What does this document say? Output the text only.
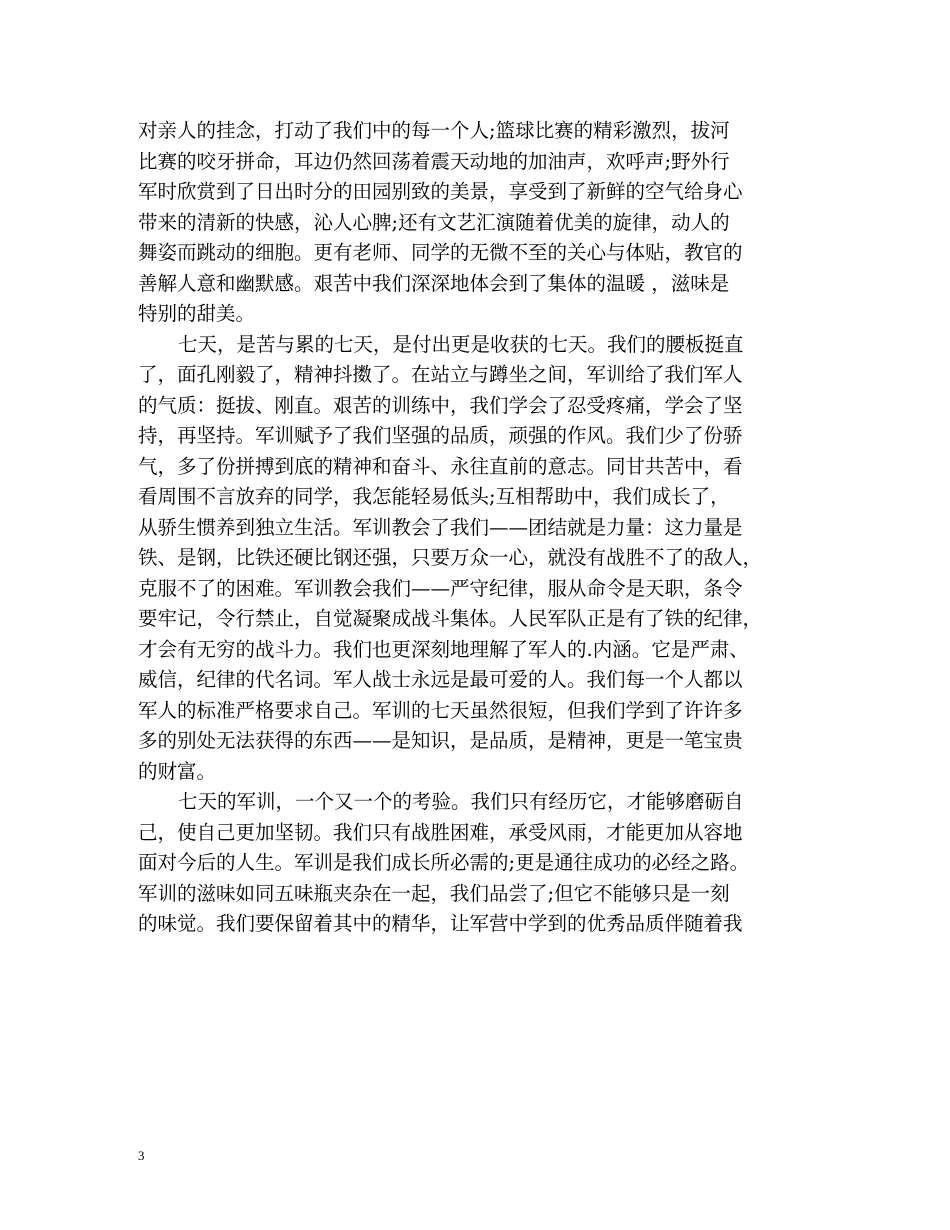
对亲人的挂念，打动了我们中的每一个人;篮球比赛的精彩激烈，拔河
比赛的咬牙拼命，耳边仍然回荡着震天动地的加油声，欢呼声;野外行
军时欣赏到了日出时分的田园别致的美景，享受到了新鲜的空气给身心
带来的清新的快感，沁人心脾;还有文艺汇演随着优美的旋律，动人的
舞姿而跳动的细胞。更有老师、同学的无微不至的关心与体贴，教官的
善解人意和幽默感。艰苦中我们深深地体会到了集体的温暖 ，滋味是
特别的甜美。
七天，是苦与累的七天，是付出更是收获的七天。我们的腰板挺直
了，面孔刚毅了，精神抖擞了。在站立与蹲坐之间，军训给了我们军人
的气质：挺拔、刚直。艰苦的训练中，我们学会了忍受疼痛，学会了坚
持，再坚持。军训赋予了我们坚强的品质，顽强的作风。我们少了份骄
气，多了份拼搏到底的精神和奋斗、永往直前的意志。同甘共苦中，看
看周围不言放弃的同学，我怎能轻易低头;互相帮助中，我们成长了，
从骄生惯养到独立生活。军训教会了我们——团结就是力量：这力量是
铁、是钢，比铁还硬比钢还强，只要万众一心，就没有战胜不了的敌人，
克服不了的困难。军训教会我们——严守纪律，服从命令是天职，条令
要牢记，令行禁止，自觉凝聚成战斗集体。人民军队正是有了铁的纪律，
才会有无穷的战斗力。我们也更深刻地理解了军人的.内涵。它是严肃、
威信，纪律的代名词。军人战士永远是最可爱的人。我们每一个人都以
军人的标准严格要求自己。军训的七天虽然很短，但我们学到了许许多
多的别处无法获得的东西——是知识，是品质，是精神，更是一笔宝贵
的财富。
七天的军训，一个又一个的考验。我们只有经历它，才能够磨砺自
己，使自己更加坚韧。我们只有战胜困难，承受风雨，才能更加从容地
面对今后的人生。军训是我们成长所必需的;更是通往成功的必经之路。
军训的滋味如同五味瓶夹杂在一起，我们品尝了;但它不能够只是一刻
的味觉。我们要保留着其中的精华，让军营中学到的优秀品质伴随着我
3
